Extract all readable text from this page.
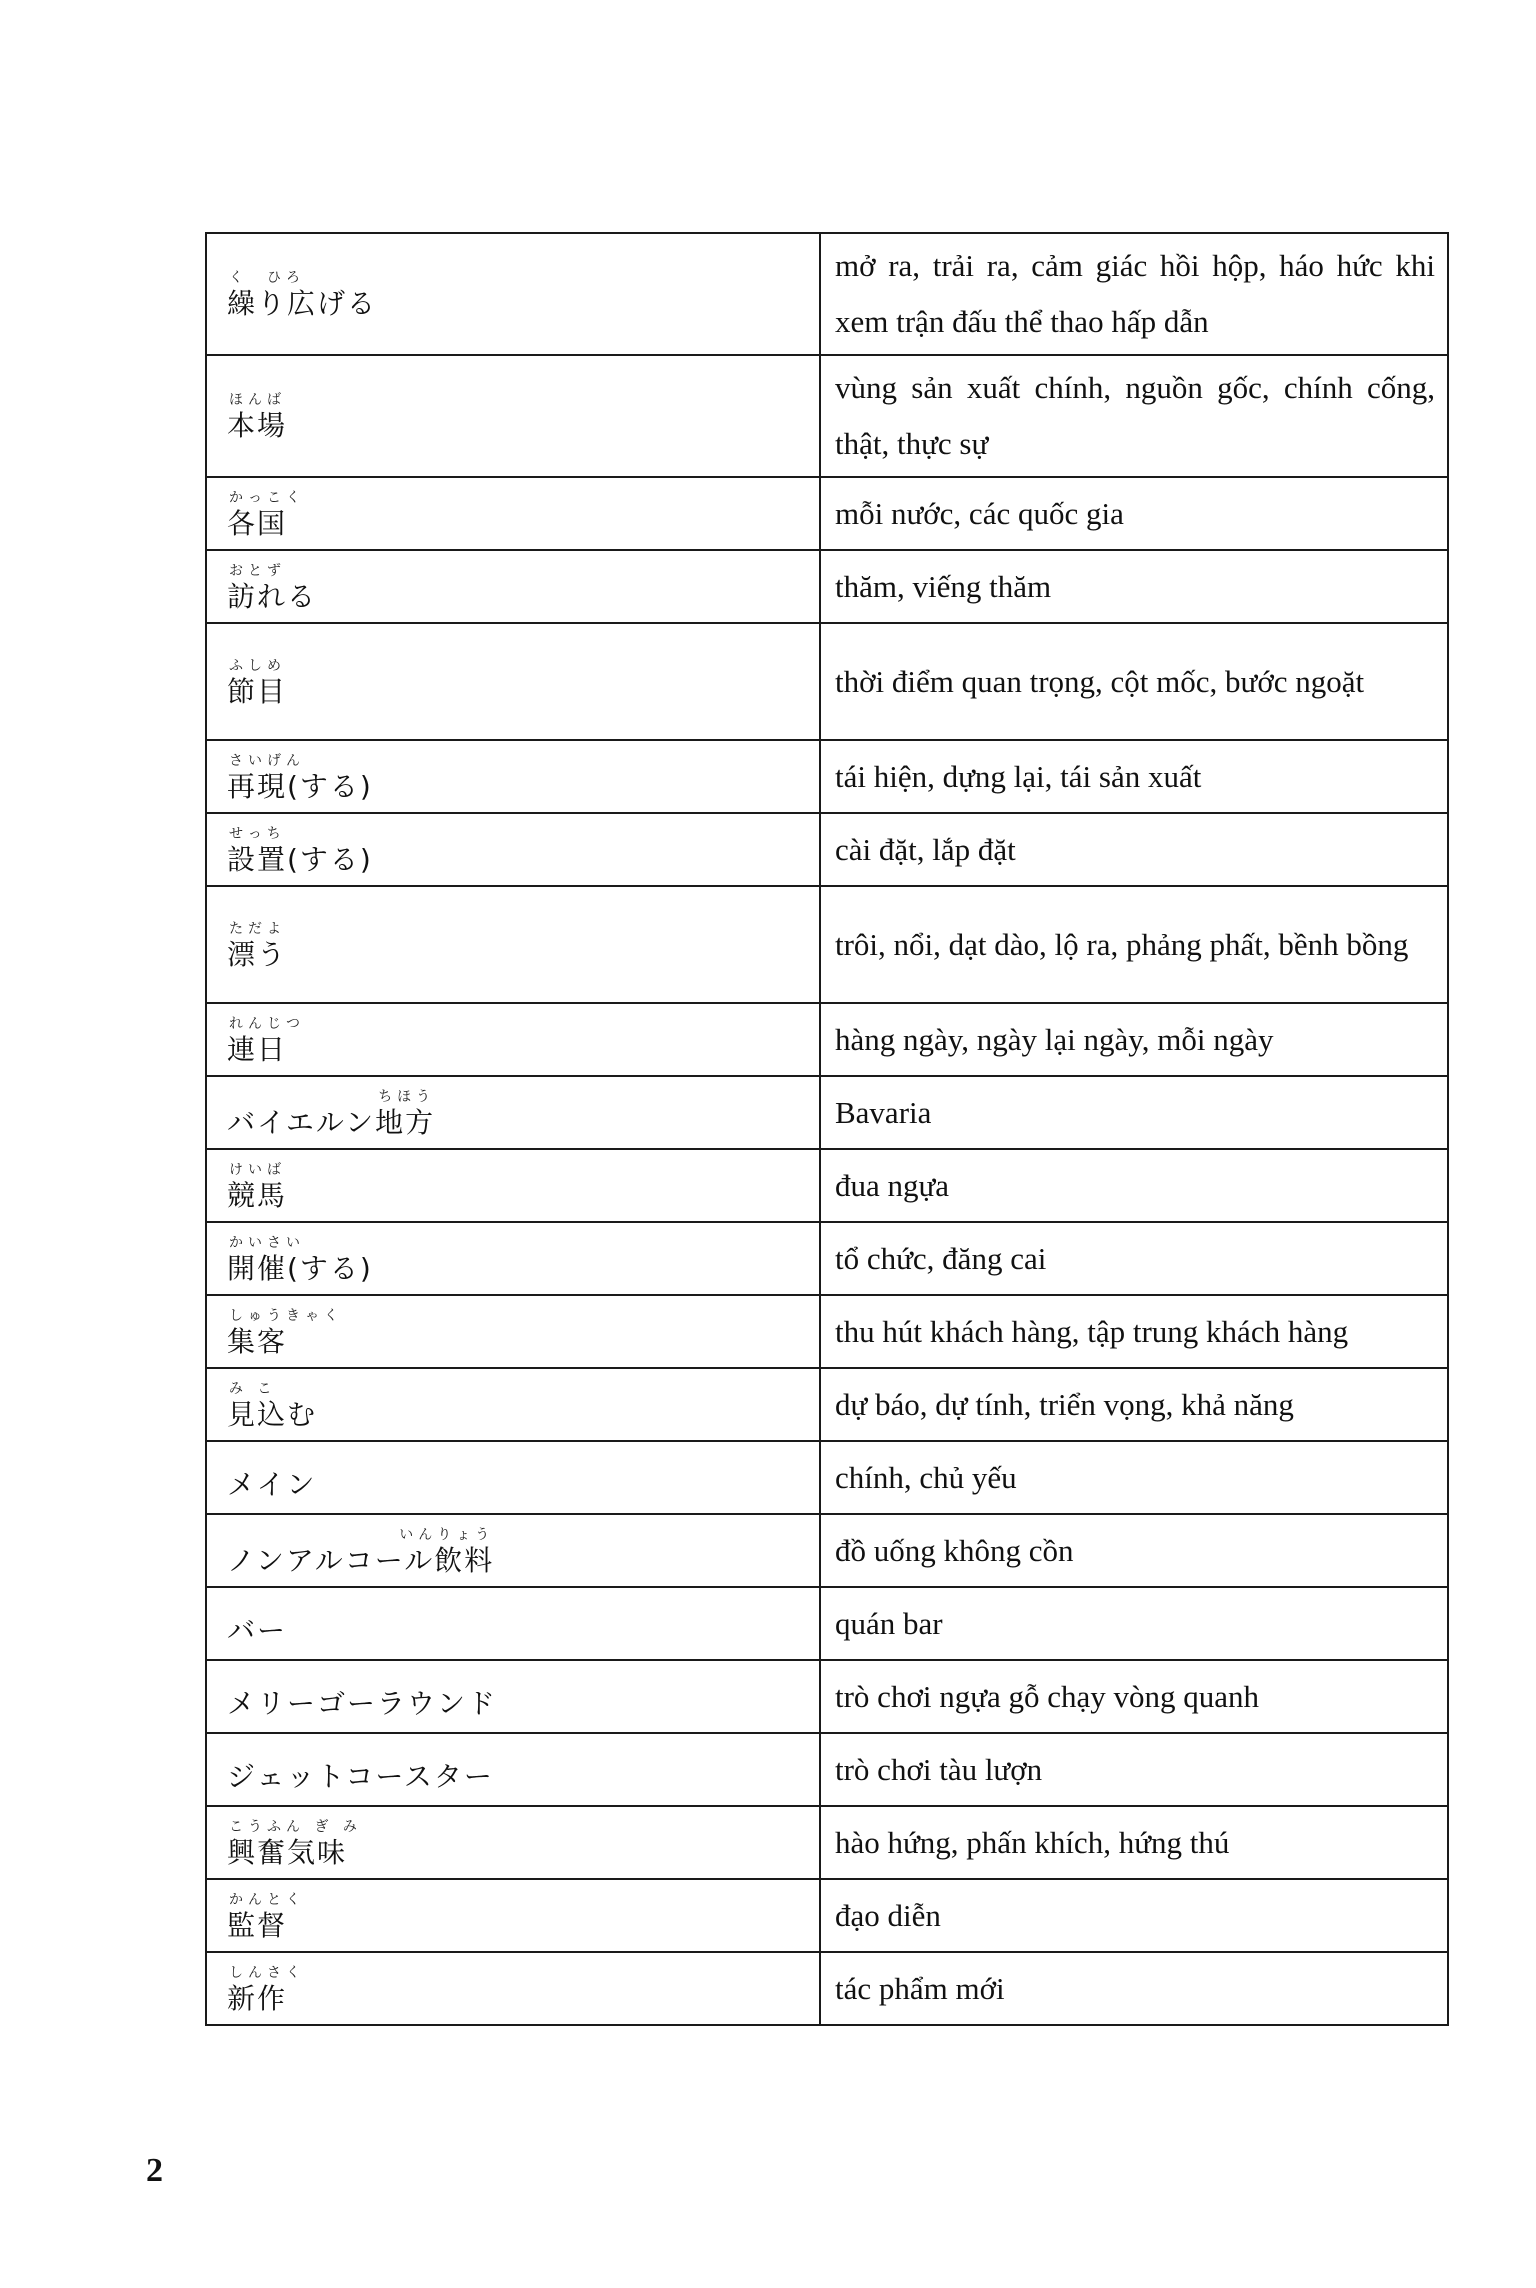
く　ひろ
繰り広げる	mở ra, trải ra, cảm giác hồi hộp, háo hức khi xem trận đấu thể thao hấp dẫn

ほんば
本場	vùng sản xuất chính, nguồn gốc, chính cống, thật, thực sự

かっこく
各国	mỗi nước, các quốc gia

おとず
訪れる	thăm, viếng thăm

ふしめ
節目	thời điểm quan trọng, cột mốc, bước ngoặt

さいげん
再現(する)	tái hiện, dựng lại, tái sản xuất

せっち
設置(する)	cài đặt, lắp đặt

ただよ
漂う	trôi, nổi, dạt dào, lộ ra, phảng phất, bềnh bồng

れんじつ
連日	hàng ngày, ngày lại ngày, mỗi ngày

ちほう
バイエルン地方	Bavaria

けいば
競馬	đua ngựa

かいさい
開催(する)	tổ chức, đăng cai

しゅうきゃく
集客	thu hút khách hàng, tập trung khách hàng

み こ
見込む	dự báo, dự tính, triển vọng, khả năng

メイン	chính, chủ yếu

いんりょう
ノンアルコール飲料	đồ uống không cồn

バー	quán bar

メリーゴーラウンド	trò chơi ngựa gỗ chạy vòng quanh

ジェットコースター	trò chơi tàu lượn

こうふん ぎ み
興奮気味	hào hứng, phấn khích, hứng thú

かんとく
監督	đạo diễn

しんさく
新作	tác phẩm mới
2
